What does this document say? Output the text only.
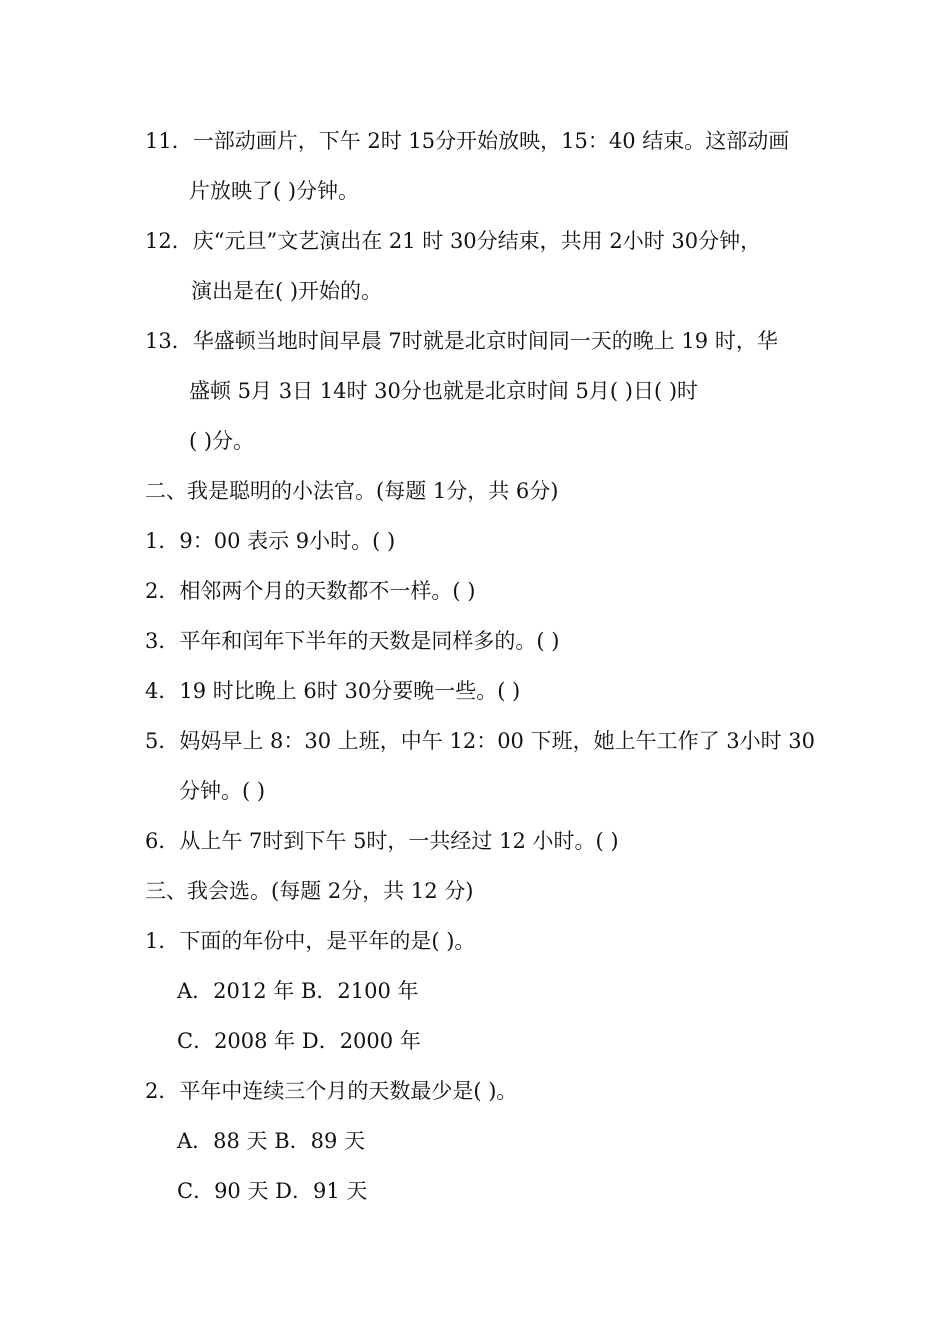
11．一部动画片，下午 2时 15分开始放映，15：40 结束。这部动画
片放映了( )分钟。
12．庆“元旦”文艺演出在 21 时 30分结束，共用 2小时 30分钟，
演出是在( )开始的。
13．华盛顿当地时间早晨 7时就是北京时间同一天的晚上 19 时，华
盛顿 5月 3日 14时 30分也就是北京时间 5月( )日( )时
( )分。
二、我是聪明的小法官。(每题 1分，共 6分)
1．9：00 表示 9小时。( )
2．相邻两个月的天数都不一样。( )
3．平年和闰年下半年的天数是同样多的。( )
4．19 时比晚上 6时 30分要晚一些。( )
5．妈妈早上 8：30 上班，中午 12：00 下班，她上午工作了 3小时 30
分钟。( )
6．从上午 7时到下午 5时，一共经过 12 小时。( )
三、我会选。(每题 2分，共 12 分)
1．下面的年份中，是平年的是( )。
A．2012 年 B．2100 年
C．2008 年 D．2000 年
2．平年中连续三个月的天数最少是( )。
A．88 天 B．89 天
C．90 天 D．91 天
